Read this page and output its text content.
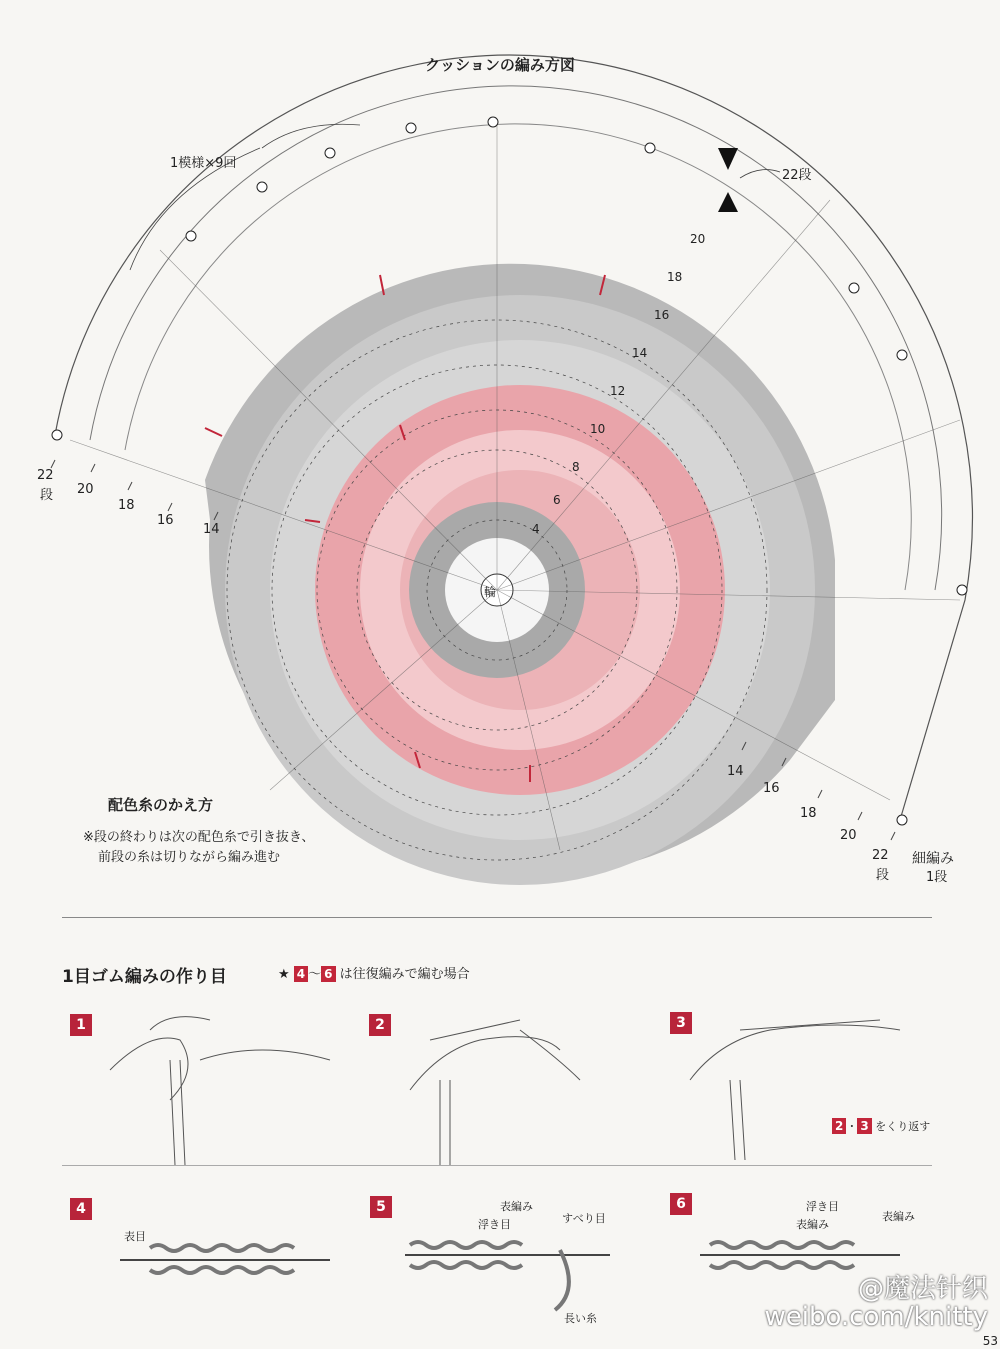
クッションの編み方図
1模様×9回
輪
22段
22
段 20
18
16
14
20
18
16
14
12
10
8
6
4
14
16
18
20
22
段
細編み
1段
配色糸のかえ方
※段の終わりは次の配色糸で引き抜き、
前段の糸は切りながら編み進む
1目ゴム編みの作り目	★ 4 ～ 6 は往復編みで編む場合
1	2	3
2 ・ 3 をくり返す
4	5	6
表目
表編み
浮き目	すべり目
長い糸
浮き目
表編み
表編み
@魔法针织
weibo.com/knitty
53
